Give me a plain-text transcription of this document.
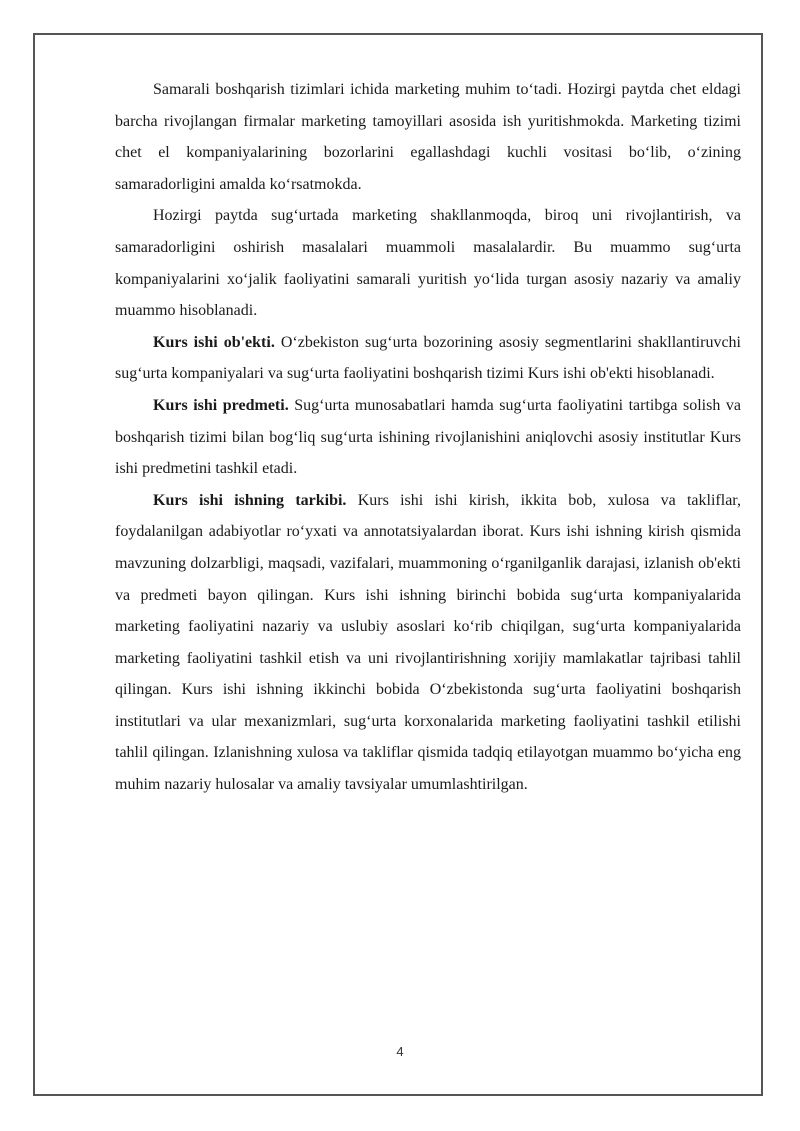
Samarali boshqarish tizimlari ichida marketing muhim to‘tadi. Hozirgi paytda chet eldagi barcha rivojlangan firmalar marketing tamoyillari asosida ish yuritishmokda. Marketing tizimi chet el kompaniyalarining bozorlarini egallashdagi kuchli vositasi bo‘lib, o‘zining samaradorligini amalda ko‘rsatmokda.

Hozirgi paytda sug‘urtada marketing shakllanmoqda, biroq uni rivojlantirish, va samaradorligini oshirish masalalari muammoli masalalardir. Bu muammo sug‘urta kompaniyalarini xo‘jalik faoliyatini samarali yuritish yo‘lida turgan asosiy nazariy va amaliy muammo hisoblanadi.

Kurs ishi ob'ekti. O‘zbekiston sug‘urta bozorining asosiy segmentlarini shakllantiruvchi sug‘urta kompaniyalari va sug‘urta faoliyatini boshqarish tizimi Kurs ishi ob'ekti hisoblanadi.

Kurs ishi predmeti. Sug‘urta munosabatlari hamda sug‘urta faoliyatini tartibga solish va boshqarish tizimi bilan bog‘liq sug‘urta ishining rivojlanishini aniqlovchi asosiy institutlar Kurs ishi predmetini tashkil etadi.

Kurs ishi ishning tarkibi. Kurs ishi ishi kirish, ikkita bob, xulosa va takliflar, foydalanilgan adabiyotlar ro‘yxati va annotatsiyalardan iborat. Kurs ishi ishning kirish qismida mavzuning dolzarbligi, maqsadi, vazifalari, muammoning o‘rganilganlik darajasi, izlanish ob'ekti va predmeti bayon qilingan. Kurs ishi ishning birinchi bobida sug‘urta kompaniyalarida marketing faoliyatini nazariy va uslubiy asoslari ko‘rib chiqilgan, sug‘urta kompaniyalarida marketing faoliyatini tashkil etish va uni rivojlantirishning xorijiy mamlakatlar tajribasi tahlil qilingan. Kurs ishi ishning ikkinchi bobida O‘zbekistonda sug‘urta faoliyatini boshqarish institutlari va ular mexanizmlari, sug‘urta korxonalarida marketing faoliyatini tashkil etilishi tahlil qilingan. Izlanishning xulosa va takliflar qismida tadqiq etilayotgan muammo bo‘yicha eng muhim nazariy hulosalar va amaliy tavsiyalar umumlashtirilgan.

4
